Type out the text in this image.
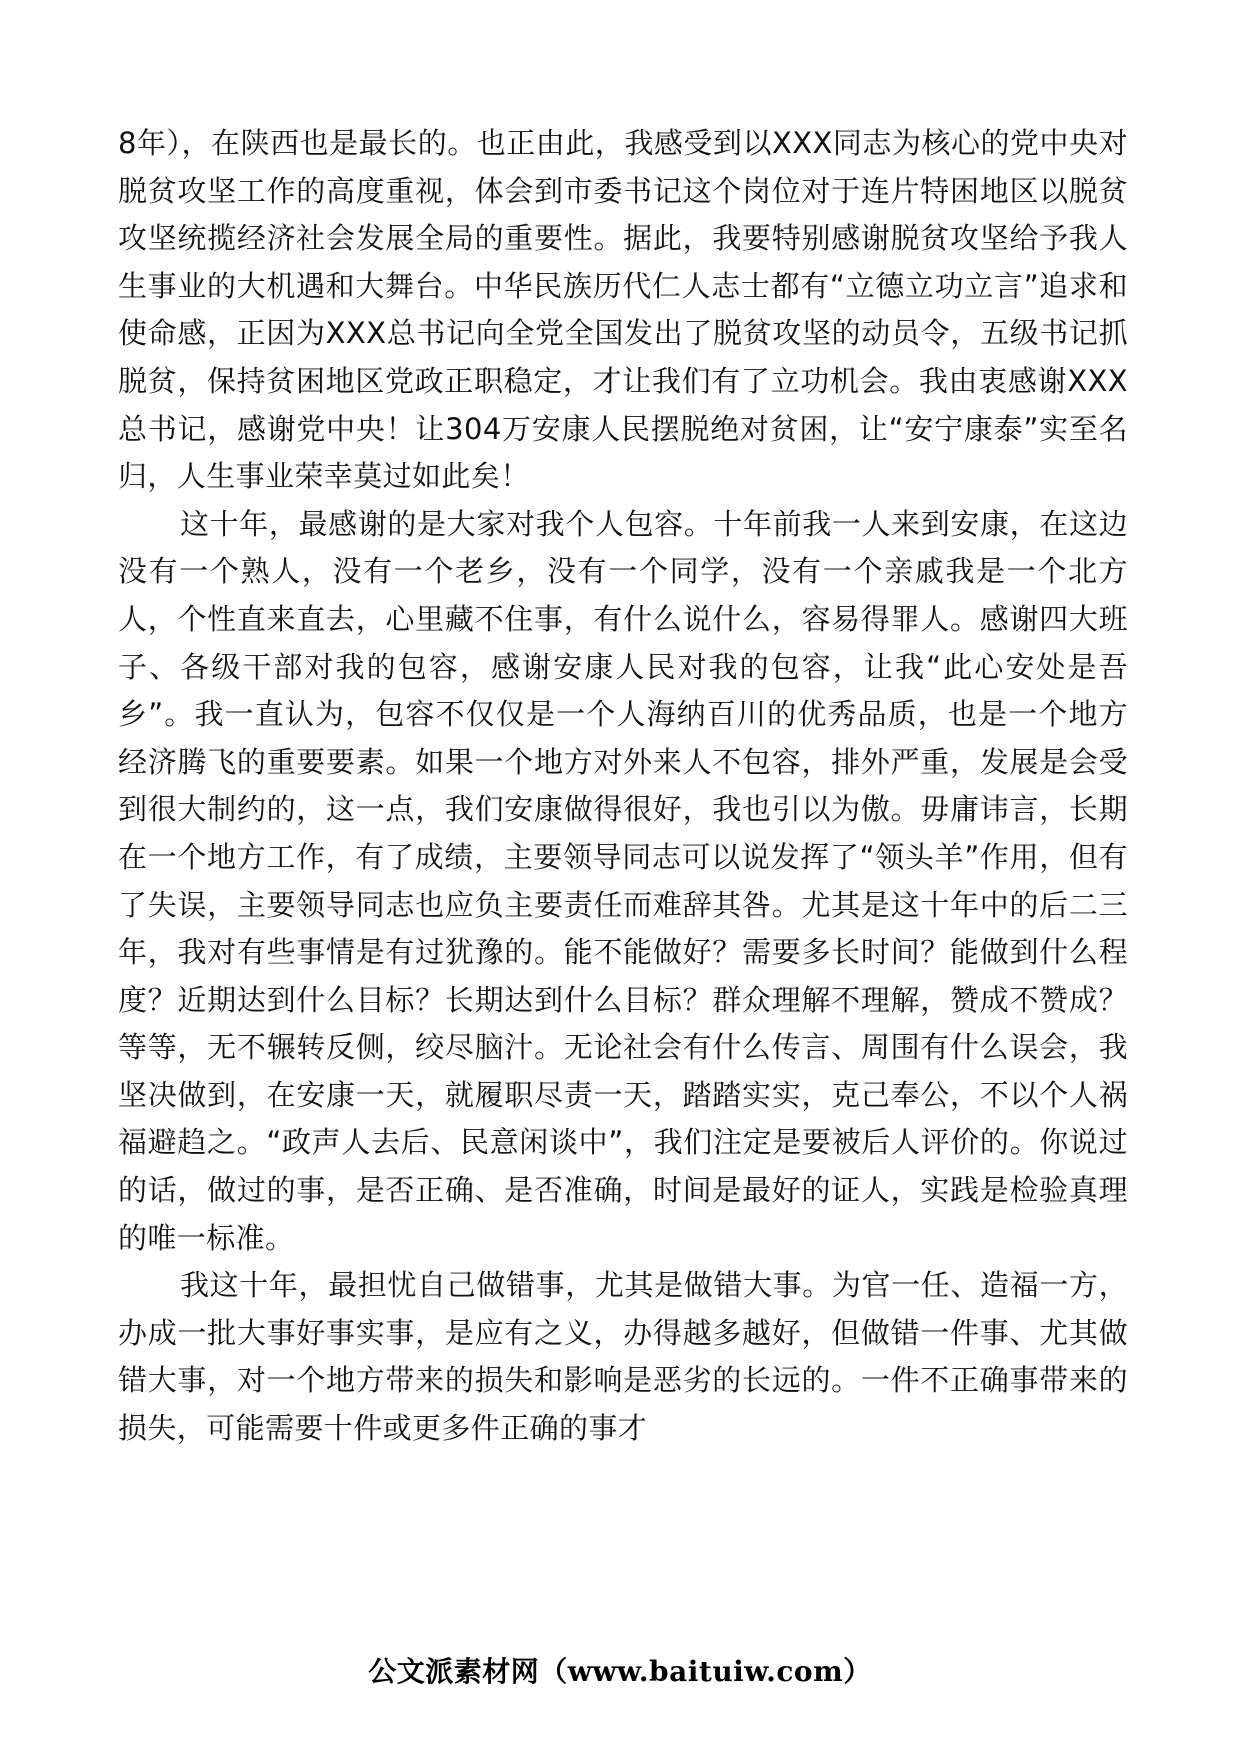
8年），在陕西也是最长的。也正由此，我感受到以XXX同志为核心的党中央对脱贫攻坚工作的高度重视，体会到市委书记这个岗位对于连片特困地区以脱贫攻坚统揽经济社会发展全局的重要性。据此，我要特别感谢脱贫攻坚给予我人生事业的大机遇和大舞台。中华民族历代仁人志士都有“立德立功立言”追求和使命感，正因为XXX总书记向全党全国发出了脱贫攻坚的动员令，五级书记抓脱贫，保持贫困地区党政正职稳定，才让我们有了立功机会。我由衷感谢XXX总书记，感谢党中央！让304万安康人民摆脱绝对贫困，让“安宁康泰”实至名归，人生事业荣幸莫过如此矣！

这十年，最感谢的是大家对我个人包容。十年前我一人来到安康，在这边没有一个熟人，没有一个老乡，没有一个同学，没有一个亲戚我是一个北方人，个性直来直去，心里藏不住事，有什么说什么，容易得罪人。感谢四大班子、各级干部对我的包容，感谢安康人民对我的包容，让我“此心安处是吾乡”。我一直认为，包容不仅仅是一个人海纳百川的优秀品质，也是一个地方经济腾飞的重要要素。如果一个地方对外来人不包容，排外严重，发展是会受到很大制约的，这一点，我们安康做得很好，我也引以为傲。毋庸讳言，长期在一个地方工作，有了成绩，主要领导同志可以说发挥了“领头羊”作用，但有了失误，主要领导同志也应负主要责任而难辞其咎。尤其是这十年中的后二三年，我对有些事情是有过犹豫的。能不能做好？需要多长时间？能做到什么程度？近期达到什么目标？长期达到什么目标？群众理解不理解，赞成不赞成？等等，无不辗转反侧，绞尽脑汁。无论社会有什么传言、周围有什么误会，我坚决做到，在安康一天，就履职尽责一天，踏踏实实，克己奉公，不以个人祸福避趋之。“政声人去后、民意闲谈中”，我们注定是要被后人评价的。你说过的话，做过的事，是否正确、是否准确，时间是最好的证人，实践是检验真理的唯一标准。

我这十年，最担忧自己做错事，尤其是做错大事。为官一任、造福一方，办成一批大事好事实事，是应有之义，办得越多越好，但做错一件事、尤其做错大事，对一个地方带来的损失和影响是恶劣的长远的。一件不正确事带来的损失，可能需要十件或更多件正确的事才

公文派素材网（www.baituiw.com）
